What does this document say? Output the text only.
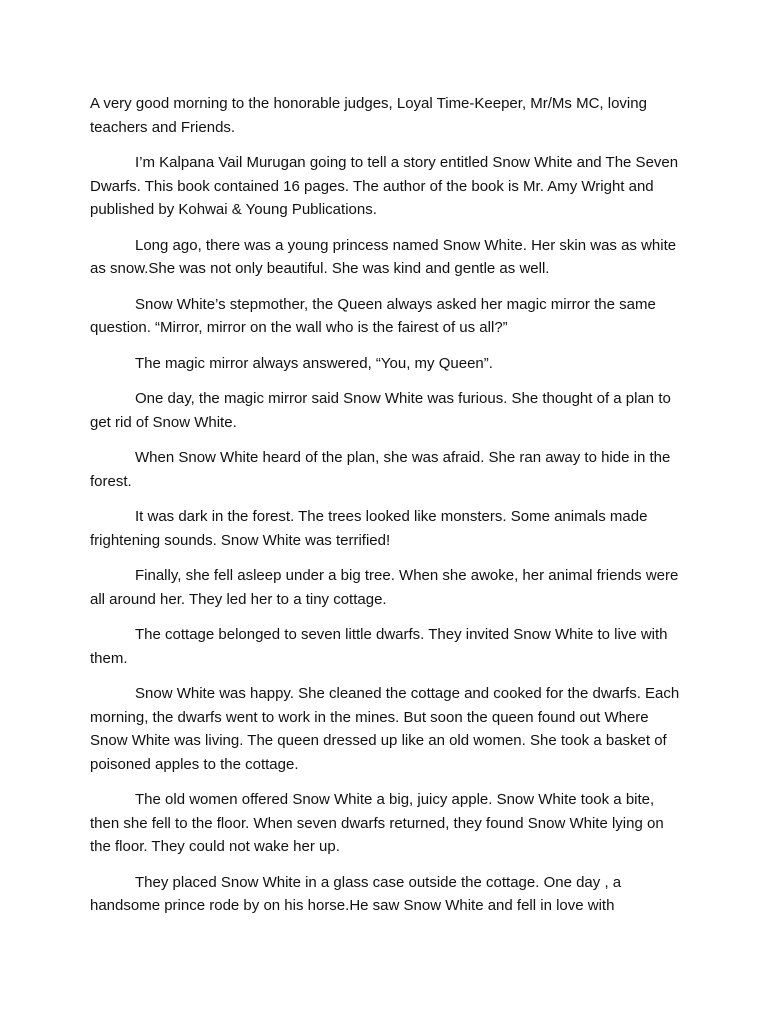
A very good morning to the honorable judges, Loyal Time-Keeper, Mr/Ms MC, loving teachers and Friends.

I’m Kalpana Vail Murugan going to tell a story entitled Snow White and The Seven Dwarfs. This book contained 16 pages. The author of the book is Mr. Amy Wright and published by Kohwai & Young Publications.

Long ago, there was a young princess named Snow White. Her skin was as white as snow.She was not only beautiful. She was kind and gentle as well.

Snow White’s stepmother, the Queen always asked her magic mirror the same question. “Mirror, mirror on the wall who is the fairest of us all?”

The magic mirror always answered, “You, my Queen”.

One day, the magic mirror said Snow White was furious. She thought of a plan to get rid of Snow White.

When Snow White heard of the plan, she was afraid. She ran away to hide in the forest.

It was dark in the forest. The trees looked like monsters. Some animals made frightening sounds. Snow White was terrified!

Finally, she fell asleep under a big tree. When she awoke, her animal friends were all around her. They led her to a tiny cottage.

The cottage belonged to seven little dwarfs. They invited Snow White to live with them.

Snow White was happy. She cleaned the cottage and cooked for the dwarfs. Each morning, the dwarfs went to work in the mines. But soon the queen found out Where Snow White was living. The queen dressed up like an old women. She took a basket of poisoned apples to the cottage.

The old women offered Snow White a big, juicy apple. Snow White took a bite, then she fell to the floor. When seven dwarfs returned, they found Snow White lying on the floor. They could not wake her up.

They placed Snow White in a glass case outside the cottage. One day , a handsome prince rode by on his horse.He saw Snow White and fell in love with
